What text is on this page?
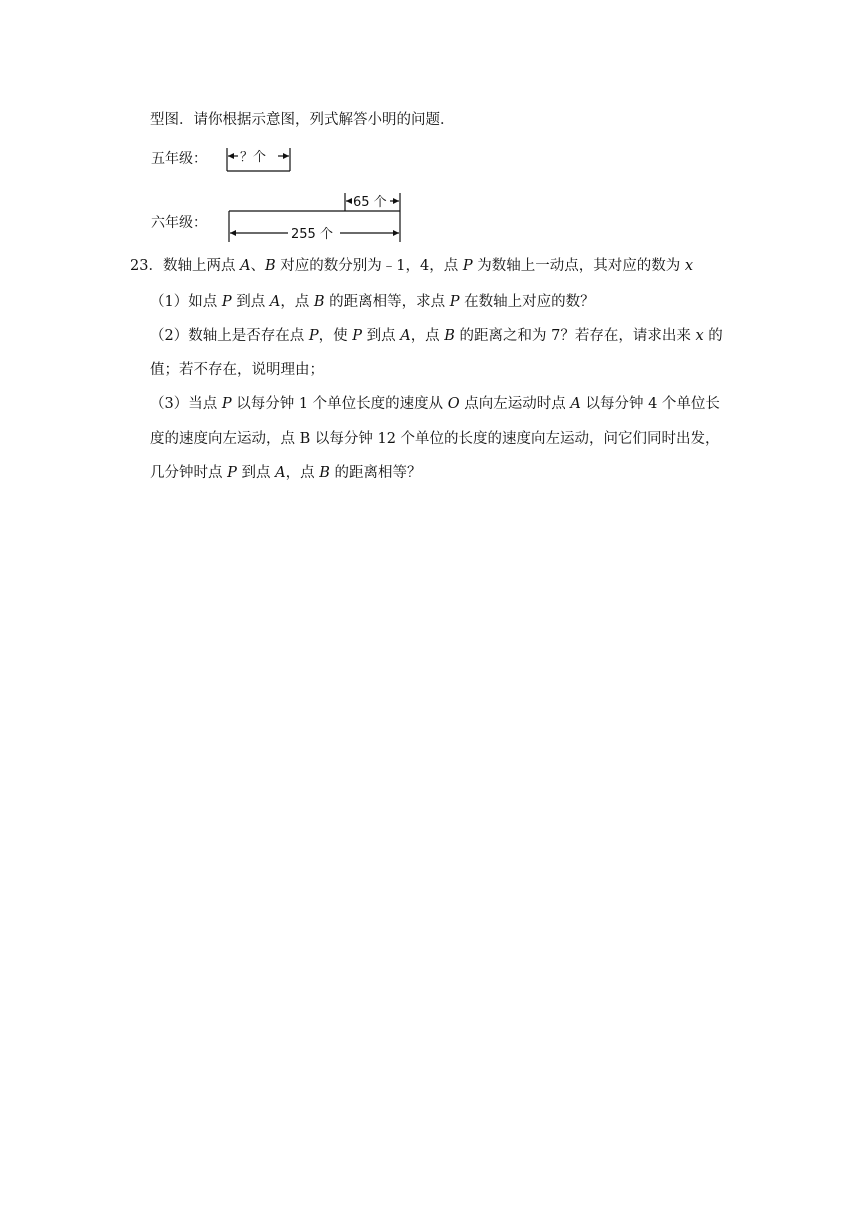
型图．请你根据示意图，列式解答小明的问题．
五年级：	？个
六年级：
65 个
255 个
23．数轴上两点 A、B 对应的数分别为﹣1，4，点 P 为数轴上一动点，其对应的数为 x
（1）如点 P 到点 A，点 B 的距离相等，求点 P 在数轴上对应的数？
（2）数轴上是否存在点 P，使 P 到点 A，点 B 的距离之和为 7？若存在，请求出来 x 的
值；若不存在，说明理由；
（3）当点 P 以每分钟 1 个单位长度的速度从 O 点向左运动时点 A 以每分钟 4 个单位长
度的速度向左运动，点 B 以每分钟 12 个单位的长度的速度向左运动，问它们同时出发，
几分钟时点 P 到点 A，点 B 的距离相等？
